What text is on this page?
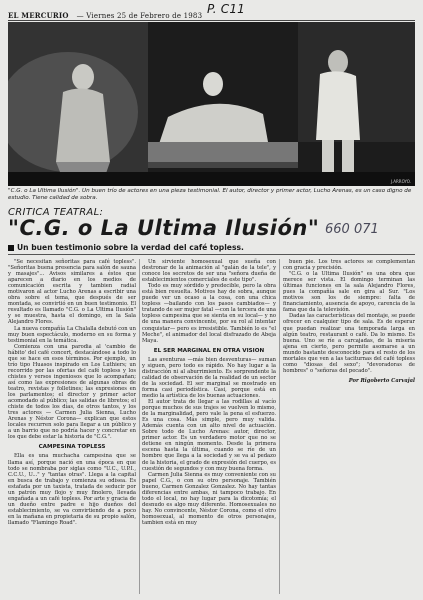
EL MERCURIO — Viernes 25 de Febrero de 1983 P. C11
J.ARROYO.
"C.G. o La Ultima Ilusión". Un buen trío de actores en una pieza testimonial. El autor, director y primer actor, Lucho Arenas, es un caso digno de estudio. Tiene calidad de sobra.
CRITICA TEATRAL:
"C.G. o La Ultima Ilusión" 660 071
Un buen testimonio sobre la verdad del café topless.

"Se necesitan señoritas para café topless". "Señoritas buena presencia para salón de sauna y masajes"... Avisos similares a éstos que aparecen a diario en los medios de comunicación escrita y tambien radial motivaron al actor Lucho Arenas a escribir una obra sobre el tema, que después de ser montada, se convirtió en un buen testimonio. El resultado es llamado "C.G. o La Ultima Ilusión" y se muestra, hasta el domingo, en la Sala Alejandro Flores.

La nueva compañía La Chalalla debutó con un muy buen espectáculo, moderno en su forma y testimonial en la temática.

Comienza con una parodia al 'cambio de hábito' del café concert, destacándose a todo lo que se hace en esos términos. Por ejemplo, un trío tipo Huasos inspirado en Los Luthiers; un recorrido por las ofertas del café topless y los chistes y versos ingeniosos que lo acompañan; así como las expresiones de algunas obras de teatro, revistas y folletines; las expresiones en los parlamentos; el director y primer actor acomodado al público; las salidas de libretos; el chiste de todos los días, de otros tantos, y los tres actores — Carmen Julia Sienna, Lucho Arenas y Néstor Corona— explican que estos locales recurren solo para llegar a un público y a un barrio que no podría hacer y concretar en los que debe estar la historia de "C.G.".

CAMPESINA TOPLESS

Ella es una muchacha campesina que se llama así, porque nació en una época en que todo se nombraba por siglas como "U.C., U.P.I., C.C.U., U..." y "tantas otras". Llega a la capital en busca de trabajo y comienza su odisea. Es estafada por un taxista, tratada de seducir por un patrón muy flojo y muy finolero, llevada engañada a un café topless. Por arte y gracia de un dueño entre padre e hijo dueños del establecimiento, se va convirtiendo de a poco en la mañana en propietaria de su propio salón, llamado "Flamingo Road".

Un sirviente homosexual que sueña con destronar de la animación al "galán de la tele", y conoce los secretos de ser una "señora dueña de establecimientos comerciales de este tipo".

Todo es muy sórdido y predecible, pero la obra está bien resuelta. Motivos hay de sobra, aunque puede ver un ocaso a la cosa, con una chica topless —bailando con los pasos cambiados— y tratando de ser mujer fatal —con la tercera de una topless campesina que se sienta en su local— y no de una manera convincente, por su rol al intentar conquistar— pero es irresistible. También lo es "el Meche", el animador del local disfrazado de Abeja Maya.

EL SER MARGINAL EN OTRA VISION

Las aventuras —más bien desventuras— suman y siguen, pero todo es rápido. No hay lugar a la distracción ni al aburrimiento. Es sorprendente la calidad de observación de la realidad de un sector de la sociedad. El ser marginal se mostrado en forma casi periodística. Casi, porque está en medio la artística de los buenas actuaciones.

El autor trata de llegar a las rodillas al vacío porque muchos de sus trajes se vuelven lo mismo, de la marginalidad, pero vale la pena el esfuerzo. Es una cosa. Más simple, pero muy valida. Además cuenta con un alto nivel de actuación. Sobre todo de Lucho Arenas: autor, director, primer actor. Es un verdadero motor que no se detiene en ningún momento. Desde la primera escena hasta la última, cuando se ríe de un hombre que llega a la sociedad y se va al pedazo de la historia, el grado de expresión del cuerpo, es cuestión de segundos y con muy buena forma.

Carmen Julia Sienna es muy conveniente con su papel C.G., o con su otro personaje. También bueno, Carmen Gonzalez Gonzalez. No hay tantas diferencias entre ambas, ni tampoco trabajo. En todo el local, no hay lugar para la dicotomía; el desnudo es algo muy diferente. Homosexuales no hay. No convincente, Néstor Corona, como el otro homosexual, al momento de otros personajes, tambien está en muy

buen pie. Los tres actores se complementan con gracia y precisión.

"C.G. o la Ultima Ilusión" es una obra que merece ser vista. El domingo terminan las últimas funciones en la sala Alejandro Flores, pues la compañía sale en gira al Sur. "Los motivos son los de siempre: falta de financiamiento, ausencia de apoyo, carencia de la fama que da la televisión.

Dadas las características del montaje, se puede ofrecer en cualquier tipo de sala. Es de esperar que puedan realizar una temporada larga en algún teatro, restaurant o café. Da lo mismo. Es buena. Uno se ríe a carcajadas, de la miseria ajena en cierto, pero permite asomarse a un mundo bastante desconocido para el resto de los mortales que ven a las taciturnas del café topless como "diosas del sexo"; "devoradoras de hombres" o "señoras del pecado".

Por Rigoberto Carvajal
